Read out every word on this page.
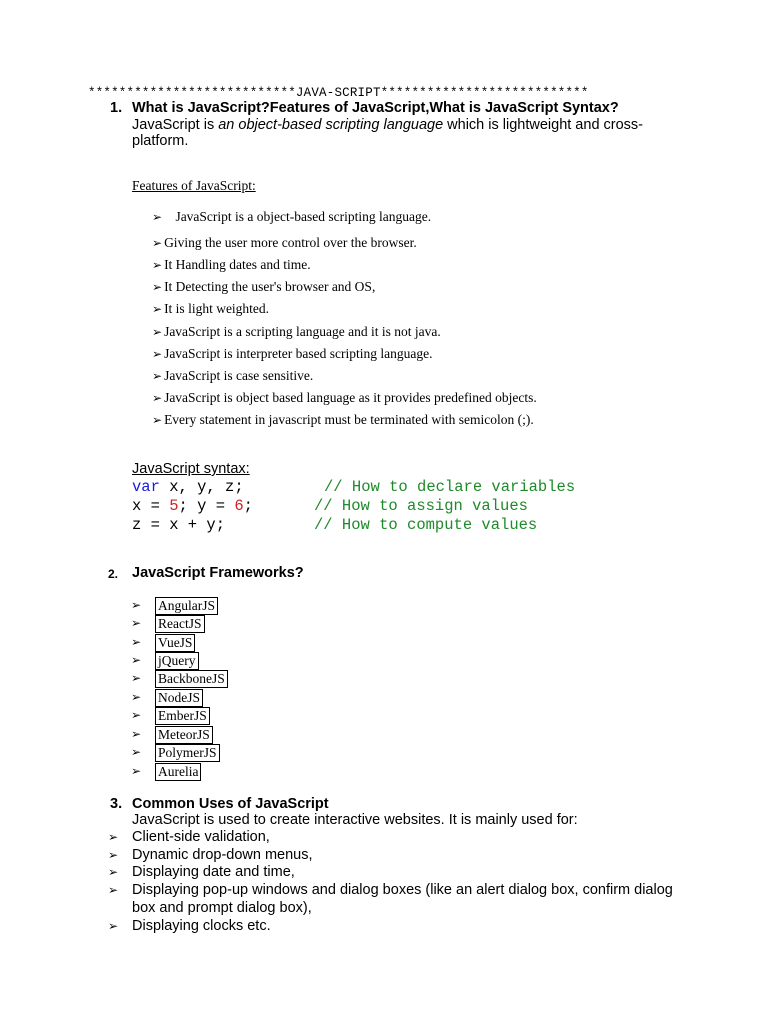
***************************JAVA-SCRIPT***************************
1. What is JavaScript?Features of JavaScript,What is JavaScript Syntax?
JavaScript is an object-based scripting language which is lightweight and cross-
platform.
Features of JavaScript:
➢ JavaScript is a object-based scripting language.
➢ Giving the user more control over the browser.
➢ It Handling dates and time.
➢ It Detecting the user's browser and OS,
➢ It is light weighted.
➢ JavaScript is a scripting language and it is not java.
➢ JavaScript is interpreter based scripting language.
➢ JavaScript is case sensitive.
➢ JavaScript is object based language as it provides predefined objects.
➢ Every statement in javascript must be terminated with semicolon (;).
JavaScript syntax:
var x, y, z;	// How to declare variables
x = 5; y = 6;	// How to assign values
z = x + y;	// How to compute values
2. JavaScript Frameworks?
➢ AngularJS
➢ ReactJS
➢ VueJS
➢ jQuery
➢ BackboneJS
➢ NodeJS
➢ EmberJS
➢ MeteorJS
➢ PolymerJS
➢ Aurelia
3. Common Uses of JavaScript
JavaScript is used to create interactive websites. It is mainly used for:
➢ Client-side validation,
➢ Dynamic drop-down menus,
➢ Displaying date and time,
➢ Displaying pop-up windows and dialog boxes (like an alert dialog box, confirm dialog
box and prompt dialog box),
➢ Displaying clocks etc.
